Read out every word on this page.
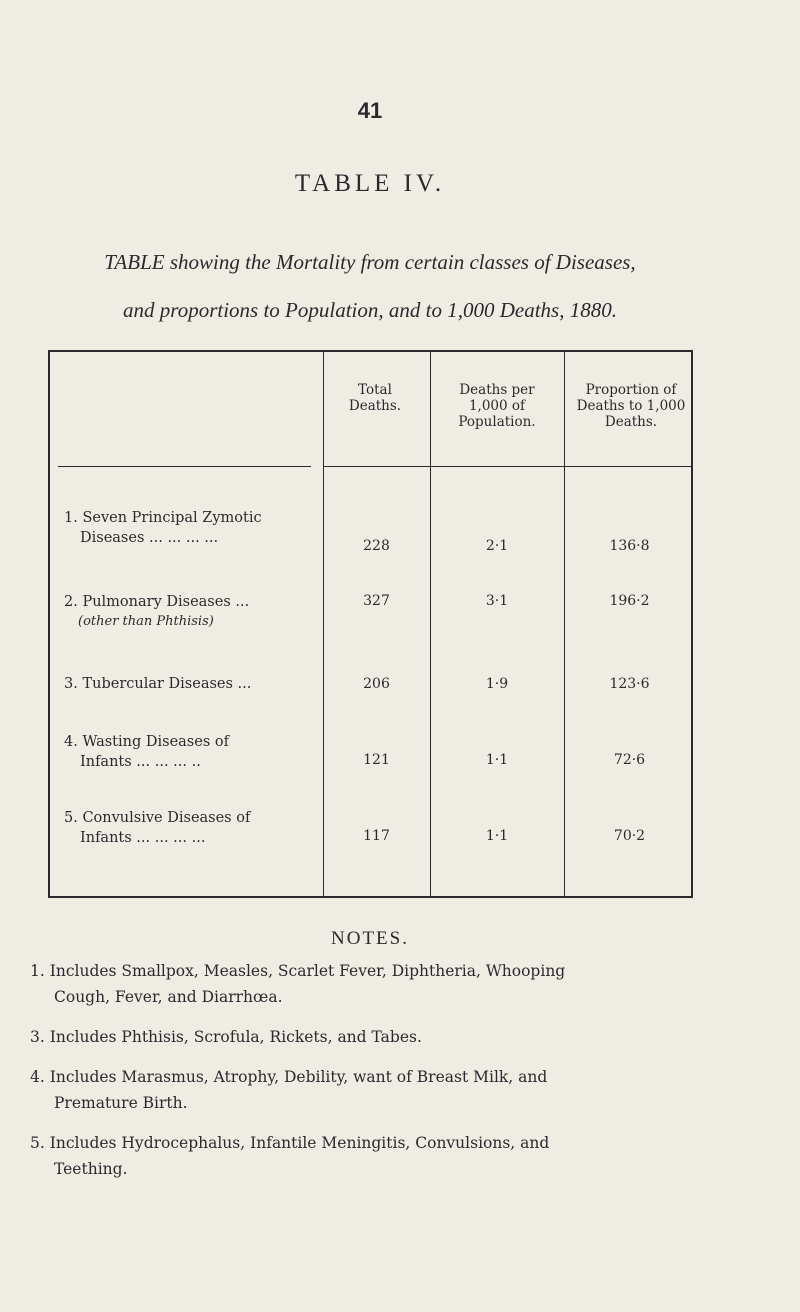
41
TABLE IV.
TABLE showing the Mortality from certain classes of Diseases,
and proportions to Population, and to 1,000 Deaths, 1880.
Total Deaths.
Deaths per 1,000 of Population.
Proportion of Deaths to 1,000 Deaths.
1. Seven Principal Zymotic
Diseases ... ... ... ...	228	2·1	136·8
2. Pulmonary Diseases ...
(other than Phthisis)
327	3·1	196·2
3. Tubercular Diseases ...	206	1·9	123·6
4. Wasting Diseases of
Infants ... ... ... ..	121	1·1	72·6
5. Convulsive Diseases of
Infants ... ... ... ...	117	1·1	70·2
NOTES.
1. Includes Smallpox, Measles, Scarlet Fever, Diphtheria, Whooping
Cough, Fever, and Diarrhœa.
3. Includes Phthisis, Scrofula, Rickets, and Tabes.
4. Includes Marasmus, Atrophy, Debility, want of Breast Milk, and
Premature Birth.
5. Includes Hydrocephalus, Infantile Meningitis, Convulsions, and
Teething.
